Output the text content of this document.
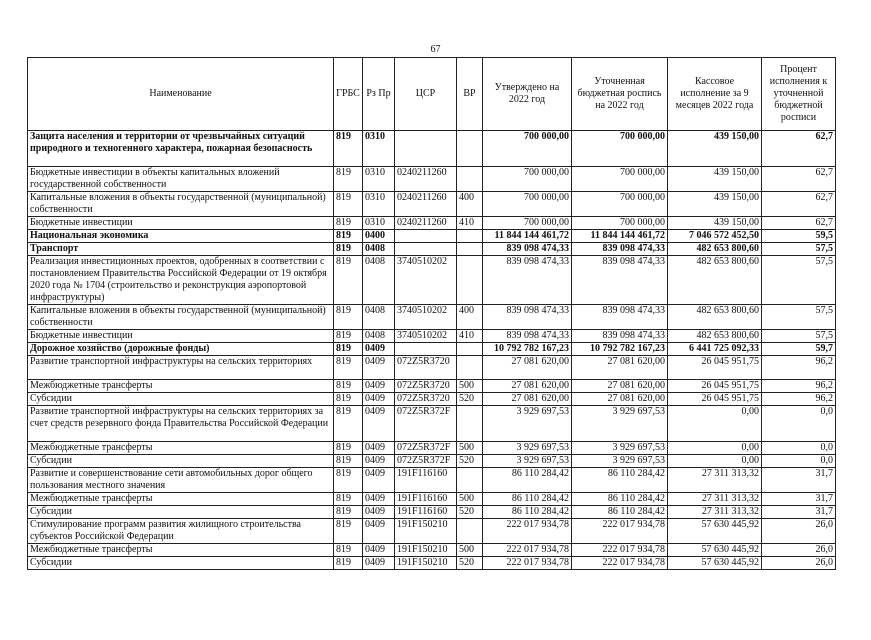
67
Наименование	ГРБС	Рз Пр	ЦСР	ВР	Утверждено на 2022 год	Уточненная бюджетная роспись на 2022 год	Кассовое исполнение за 9 месяцев 2022 года	Процент исполнения к уточненной бюджетной росписи
Защита населения и территории от чрезвычайных ситуаций природного и техногенного характера, пожарная безопасность	819	0310			700 000,00	700 000,00	439 150,00	62,7
Бюджетные инвестиции в объекты капитальных вложений государственной собственности	819	0310	0240211260		700 000,00	700 000,00	439 150,00	62,7
Капитальные вложения в объекты государственной (муниципальной) собственности	819	0310	0240211260	400	700 000,00	700 000,00	439 150,00	62,7
Бюджетные инвестиции	819	0310	0240211260	410	700 000,00	700 000,00	439 150,00	62,7
Национальная экономика	819	0400			11 844 144 461,72	11 844 144 461,72	7 046 572 452,50	59,5
Транспорт	819	0408			839 098 474,33	839 098 474,33	482 653 800,60	57,5
Реализация инвестиционных проектов, одобренных в соответствии с постановлением Правительства Российской Федерации от 19 октября 2020 года № 1704 (строительство и реконструкция аэропортовой инфраструктуры)	819	0408	3740510202		839 098 474,33	839 098 474,33	482 653 800,60	57,5
Капитальные вложения в объекты государственной (муниципальной) собственности	819	0408	3740510202	400	839 098 474,33	839 098 474,33	482 653 800,60	57,5
Бюджетные инвестиции	819	0408	3740510202	410	839 098 474,33	839 098 474,33	482 653 800,60	57,5
Дорожное хозяйство (дорожные фонды)	819	0409			10 792 782 167,23	10 792 782 167,23	6 441 725 092,33	59,7
Развитие транспортной инфраструктуры на сельских территориях	819	0409	072Z5R3720		27 081 620,00	27 081 620,00	26 045 951,75	96,2
Межбюджетные трансферты	819	0409	072Z5R3720	500	27 081 620,00	27 081 620,00	26 045 951,75	96,2
Субсидии	819	0409	072Z5R3720	520	27 081 620,00	27 081 620,00	26 045 951,75	96,2
Развитие транспортной инфраструктуры на сельских территориях за счет средств резервного фонда Правительства Российской Федерации	819	0409	072Z5R372F		3 929 697,53	3 929 697,53	0,00	0,0
Межбюджетные трансферты	819	0409	072Z5R372F	500	3 929 697,53	3 929 697,53	0,00	0,0
Субсидии	819	0409	072Z5R372F	520	3 929 697,53	3 929 697,53	0,00	0,0
Развитие и совершенствование сети автомобильных дорог общего пользования местного значения	819	0409	191F116160		86 110 284,42	86 110 284,42	27 311 313,32	31,7
Межбюджетные трансферты	819	0409	191F116160	500	86 110 284,42	86 110 284,42	27 311 313,32	31,7
Субсидии	819	0409	191F116160	520	86 110 284,42	86 110 284,42	27 311 313,32	31,7
Стимулирование программ развития жилищного строительства субъектов Российской Федерации	819	0409	191F150210		222 017 934,78	222 017 934,78	57 630 445,92	26,0
Межбюджетные трансферты	819	0409	191F150210	500	222 017 934,78	222 017 934,78	57 630 445,92	26,0
Субсидии	819	0409	191F150210	520	222 017 934,78	222 017 934,78	57 630 445,92	26,0
